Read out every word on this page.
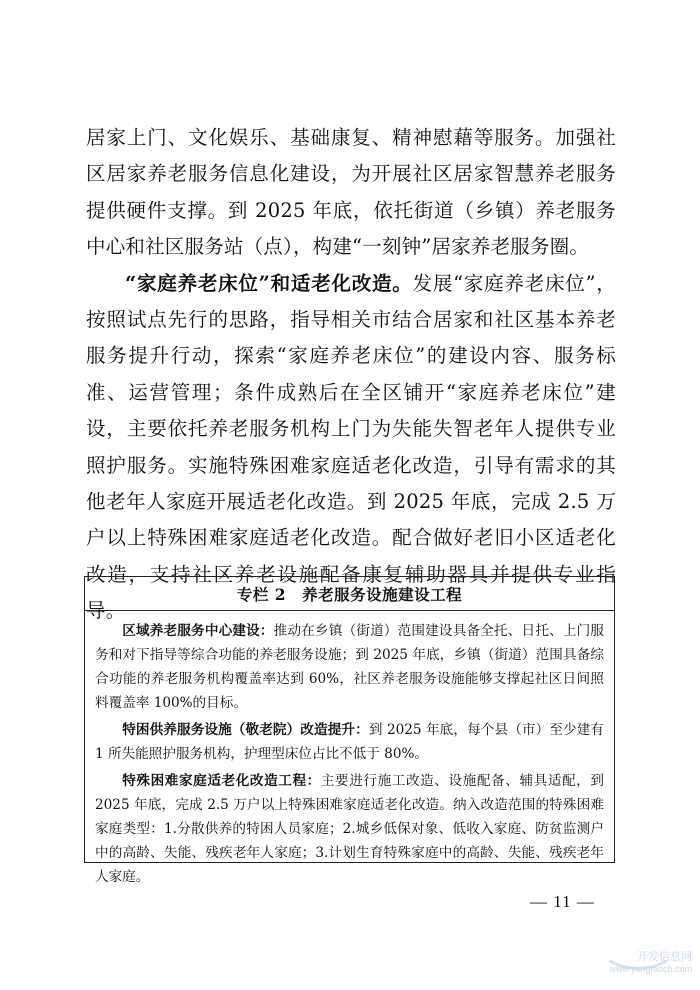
居家上门、文化娱乐、基础康复、精神慰藉等服务。加强社区居家养老服务信息化建设，为开展社区居家智慧养老服务提供硬件支撑。到 2025 年底，依托街道（乡镇）养老服务中心和社区服务站（点），构建“一刻钟”居家养老服务圈。

“家庭养老床位”和适老化改造。发展“家庭养老床位”，按照试点先行的思路，指导相关市结合居家和社区基本养老服务提升行动，探索“家庭养老床位”的建设内容、服务标准、运营管理；条件成熟后在全区铺开“家庭养老床位”建设，主要依托养老服务机构上门为失能失智老年人提供专业照护服务。实施特殊困难家庭适老化改造，引导有需求的其他老年人家庭开展适老化改造。到 2025 年底，完成 2.5 万户以上特殊困难家庭适老化改造。配合做好老旧小区适老化改造，支持社区养老设施配备康复辅助器具并提供专业指导。

专栏 2　养老服务设施建设工程

区域养老服务中心建设：推动在乡镇（街道）范围建设具备全托、日托、上门服务和对下指导等综合功能的养老服务设施；到 2025 年底，乡镇（街道）范围具备综合功能的养老服务机构覆盖率达到 60%，社区养老服务设施能够支撑起社区日间照料覆盖率 100%的目标。

特困供养服务设施（敬老院）改造提升：到 2025 年底，每个县（市）至少建有 1 所失能照护服务机构，护理型床位占比不低于 80%。

特殊困难家庭适老化改造工程：主要进行施工改造、设施配备、辅具适配，到 2025 年底，完成 2.5 万户以上特殊困难家庭适老化改造。纳入改造范围的特殊困难家庭类型：1.分散供养的特困人员家庭；2.城乡低保对象、低收入家庭、防贫监测户中的高龄、失能、残疾老年人家庭；3.计划生育特殊家庭中的高龄、失能、残疾老年人家庭。

— 11 —
开发信息网
www.yangfaoch.com
